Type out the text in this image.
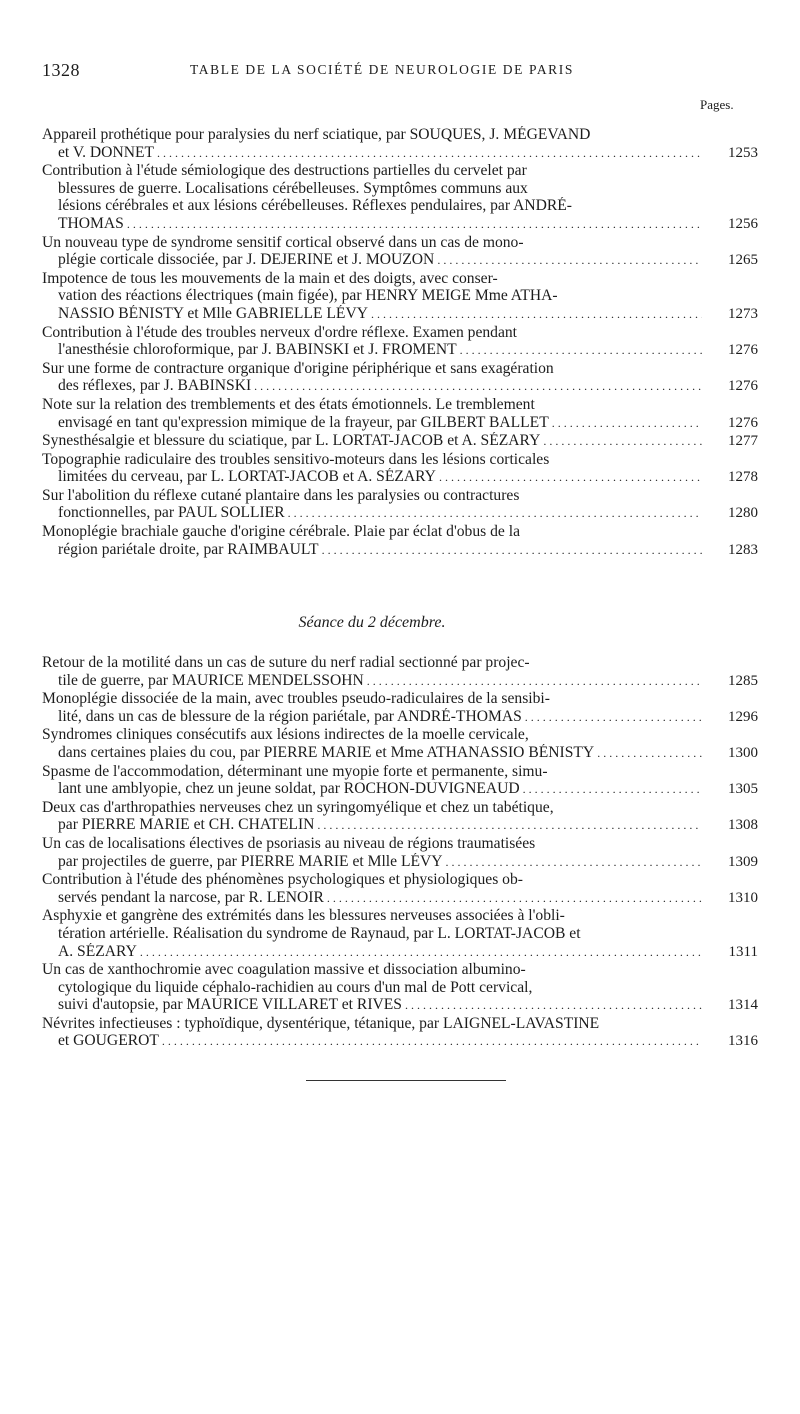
1328	TABLE DE LA SOCIÉTÉ DE NEUROLOGIE DE PARIS
Pages.
Appareil prothétique pour paralysies du nerf sciatique, par SOUQUES, J. MÉGEVAND
et V. DONNET . . .	1253
Contribution à l'étude sémiologique des destructions partielles du cervelet par
blessures de guerre. Localisations cérébelleuses. Symptômes communs aux
lésions cérébrales et aux lésions cérébelleuses. Réflexes pendulaires, par ANDRÉ-
THOMAS . . .	1256
Un nouveau type de syndrome sensitif cortical observé dans un cas de mono-
plégie corticale dissociée, par J. DEJERINE et J. MOUZON . . .	1265
Impotence de tous les mouvements de la main et des doigts, avec conser-
vation des réactions électriques (main figée), par HENRY MEIGE Mme ATHA-
NASSIO BÉNISTY et Mlle GABRIELLE LÉVY . . .	1273
Contribution à l'étude des troubles nerveux d'ordre réflexe. Examen pendant
l'anesthésie chloroformique, par J. BABINSKI et J. FROMENT . . .	1276
Sur une forme de contracture organique d'origine périphérique et sans exagération
des réflexes, par J. BABINSKI . . .	1276
Note sur la relation des tremblements et des états émotionnels. Le tremblement
envisagé en tant qu'expression mimique de la frayeur, par GILBERT BALLET . . .	1276
Synesthésalgie et blessure du sciatique, par L. LORTAT-JACOB et A. SÉZARY . . .	1277
Topographie radiculaire des troubles sensitivo-moteurs dans les lésions corticales
limitées du cerveau, par L. LORTAT-JACOB et A. SÉZARY . . .	1278
Sur l'abolition du réflexe cutané plantaire dans les paralysies ou contractures
fonctionnelles, par PAUL SOLLIER . . .	1280
Monoplégie brachiale gauche d'origine cérébrale. Plaie par éclat d'obus de la
région pariétale droite, par RAIMBAULT . . .	1283
Séance du 2 décembre.
Retour de la motilité dans un cas de suture du nerf radial sectionné par projec-
tile de guerre, par MAURICE MENDELSSOHN . . .	1285
Monoplégie dissociée de la main, avec troubles pseudo-radiculaires de la sensibi-
lité, dans un cas de blessure de la région pariétale, par ANDRÉ-THOMAS . . .	1296
Syndromes cliniques consécutifs aux lésions indirectes de la moelle cervicale,
dans certaines plaies du cou, par PIERRE MARIE et Mme ATHANASSIO BÉNISTY . . .	1300
Spasme de l'accommodation, déterminant une myopie forte et permanente, simu-
lant une amblyopie, chez un jeune soldat, par ROCHON-DUVIGNEAUD . . .	1305
Deux cas d'arthropathies nerveuses chez un syringomyélique et chez un tabétique,
par PIERRE MARIE et CH. CHATELIN . . .	1308
Un cas de localisations électives de psoriasis au niveau de régions traumatisées
par projectiles de guerre, par PIERRE MARIE et Mlle LÉVY . . .	1309
Contribution à l'étude des phénomènes psychologiques et physiologiques ob-
servés pendant la narcose, par R. LENOIR . . .	1310
Asphyxie et gangrène des extrémités dans les blessures nerveuses associées à l'obli-
tération artérielle. Réalisation du syndrome de Raynaud, par L. LORTAT-JACOB et
A. SÉZARY . . .	1311
Un cas de xanthochromie avec coagulation massive et dissociation albumino-
cytologique du liquide céphalo-rachidien au cours d'un mal de Pott cervical,
suivi d'autopsie, par MAURICE VILLARET et RIVES . . .	1314
Névrites infectieuses : typhoïdique, dysentérique, tétanique, par LAIGNEL-LAVASTINE
et GOUGEROT . . .	1316
